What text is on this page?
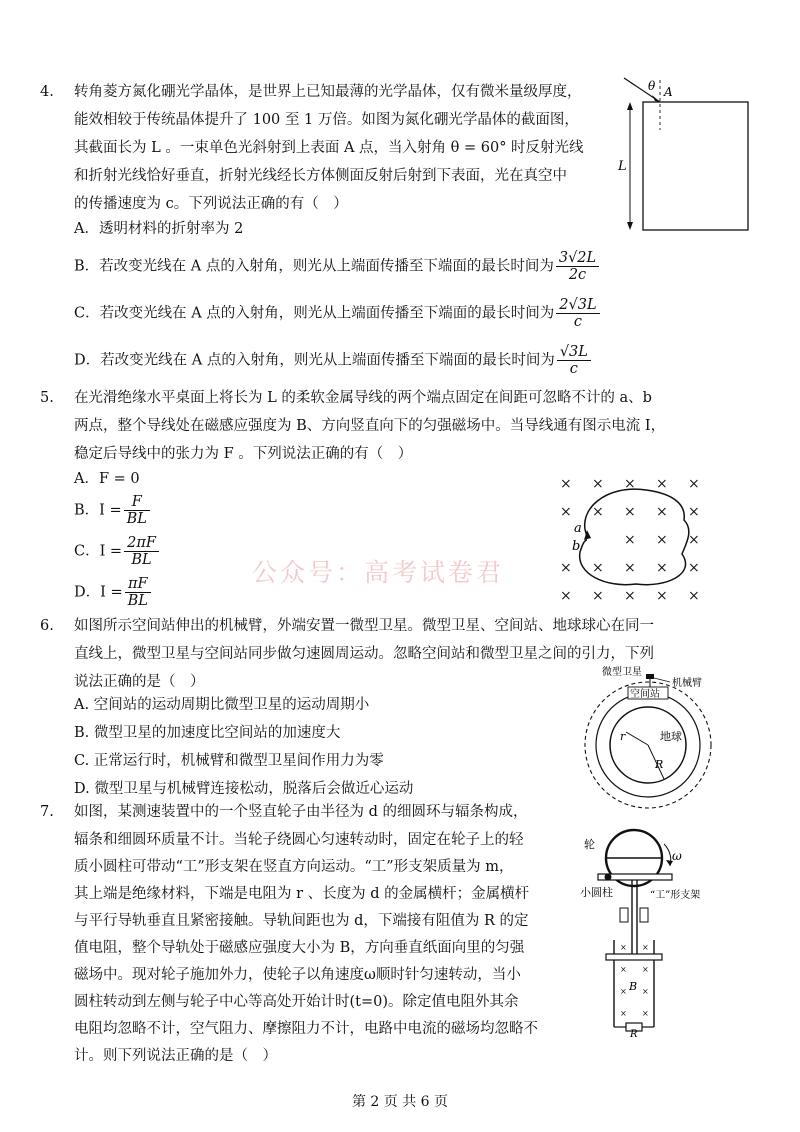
4. 转角菱方氮化硼光学晶体，是世界上已知最薄的光学晶体，仅有微米量级厚度，
能效相较于传统晶体提升了 100 至 1 万倍。如图为氮化硼光学晶体的截面图，
其截面长为 L 。一束单色光斜射到上表面 A 点，当入射角 θ = 60° 时反射光线
和折射光线恰好垂直，折射光线经长方体侧面反射后射到下表面，光在真空中
的传播速度为 c。下列说法正确的有（　）
A．透明材料的折射率为 2
B．若改变光线在 A 点的入射角，则光从上端面传播至下端面的最长时间为 $\frac{3√2L}{2c}$
C．若改变光线在 A 点的入射角，则光从上端面传播至下端面的最长时间为 $\frac{2√3L}{c}$
D．若改变光线在 A 点的入射角，则光从上端面传播至下端面的最长时间为 $\frac{√3L}{c}$
θ A
L
5. 在光滑绝缘水平桌面上将长为 L 的柔软金属导线的两个端点固定在间距可忽略不计的 a、b
两点，整个导线处在磁感应强度为 B、方向竖直向下的匀强磁场中。当导线通有图示电流 I，
稳定后导线中的张力为 F 。下列说法正确的有（　）
A．F = 0
B．$I = \frac{F}{BL}$
C．$I = \frac{2\pi F}{BL}$
D．$I = \frac{\pi F}{BL}$
× × × × ×
× × × × ×
× × ×
× × × ×
× × × × ×
×
a
b
公众号：高考试卷君
6. 如图所示空间站伸出的机械臂，外端安置一微型卫星。微型卫星、空间站、地球球心在同一
直线上，微型卫星与空间站同步做匀速圆周运动。忽略空间站和微型卫星之间的引力，下列
说法正确的是（　）
A. 空间站的运动周期比微型卫星的运动周期小
B. 微型卫星的加速度比空间站的加速度大
C. 正常运行时，机械臂和微型卫星间作用力为零
D. 微型卫星与机械臂连接松动，脱落后会做近心运动
空间站
微型卫星
机械臂
r
R
地球
7. 如图，某测速装置中的一个竖直轮子由半径为 d 的细圆环与辐条构成，
辐条和细圆环质量不计。当轮子绕圆心匀速转动时，固定在轮子上的轻
质小圆柱可带动“工”形支架在竖直方向运动。“工”形支架质量为 m，
其上端是绝缘材料，下端是电阻为 r 、长度为 d 的金属横杆；金属横杆
与平行导轨垂直且紧密接触。导轨间距也为 d，下端接有阻值为 R 的定
值电阻，整个导轨处于磁感应强度大小为 B，方向垂直纸面向里的匀强
磁场中。现对轮子施加外力，使轮子以角速度ω顺时针匀速转动，当小
圆柱转动到左侧与轮子中心等高处开始计时(t=0)。除定值电阻外其余
电阻均忽略不计，空气阻力、摩擦阻力不计，电路中电流的磁场均忽略不
计。则下列说法正确的是（　）
ω
轮
小圆柱	“工”形支架
× ×
× ×
× ×
× ×
B
R
第 2 页 共 6 页
